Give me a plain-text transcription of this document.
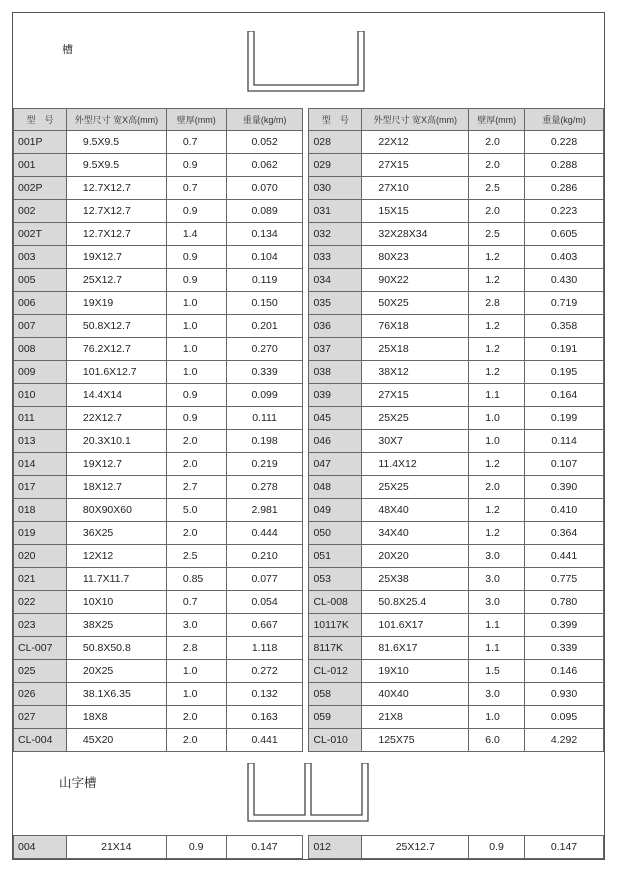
槽
型　号	外型尺寸 宽X高(mm)	壁厚(mm)	重量(kg/m)		型　号	外型尺寸 宽X高(mm)	壁厚(mm)	重量(kg/m)
001P	9.5X9.5	0.7	0.052		028	22X12	2.0	0.228
001	9.5X9.5	0.9	0.062		029	27X15	2.0	0.288
002P	12.7X12.7	0.7	0.070		030	27X10	2.5	0.286
002	12.7X12.7	0.9	0.089		031	15X15	2.0	0.223
002T	12.7X12.7	1.4	0.134		032	32X28X34	2.5	0.605
003	19X12.7	0.9	0.104		033	80X23	1.2	0.403
005	25X12.7	0.9	0.119		034	90X22	1.2	0.430
006	19X19	1.0	0.150		035	50X25	2.8	0.719
007	50.8X12.7	1.0	0.201		036	76X18	1.2	0.358
008	76.2X12.7	1.0	0.270		037	25X18	1.2	0.191
009	101.6X12.7	1.0	0.339		038	38X12	1.2	0.195
010	14.4X14	0.9	0.099		039	27X15	1.1	0.164
011	22X12.7	0.9	0.111		045	25X25	1.0	0.199
013	20.3X10.1	2.0	0.198		046	30X7	1.0	0.114
014	19X12.7	2.0	0.219		047	11.4X12	1.2	0.107
017	18X12.7	2.7	0.278		048	25X25	2.0	0.390
018	80X90X60	5.0	2.981		049	48X40	1.2	0.410
019	36X25	2.0	0.444		050	34X40	1.2	0.364
020	12X12	2.5	0.210		051	20X20	3.0	0.441
021	11.7X11.7	0.85	0.077		053	25X38	3.0	0.775
022	10X10	0.7	0.054		CL-008	50.8X25.4	3.0	0.780
023	38X25	3.0	0.667		10117K	101.6X17	1.1	0.399
CL-007	50.8X50.8	2.8	1.118		8117K	81.6X17	1.1	0.339
025	20X25	1.0	0.272		CL-012	19X10	1.5	0.146
026	38.1X6.35	1.0	0.132		058	40X40	3.0	0.930
027	18X8	2.0	0.163		059	21X8	1.0	0.095
CL-004	45X20	2.0	0.441		CL-010	125X75	6.0	4.292
山字槽
004	21X14	0.9	0.147		012	25X12.7	0.9	0.147
